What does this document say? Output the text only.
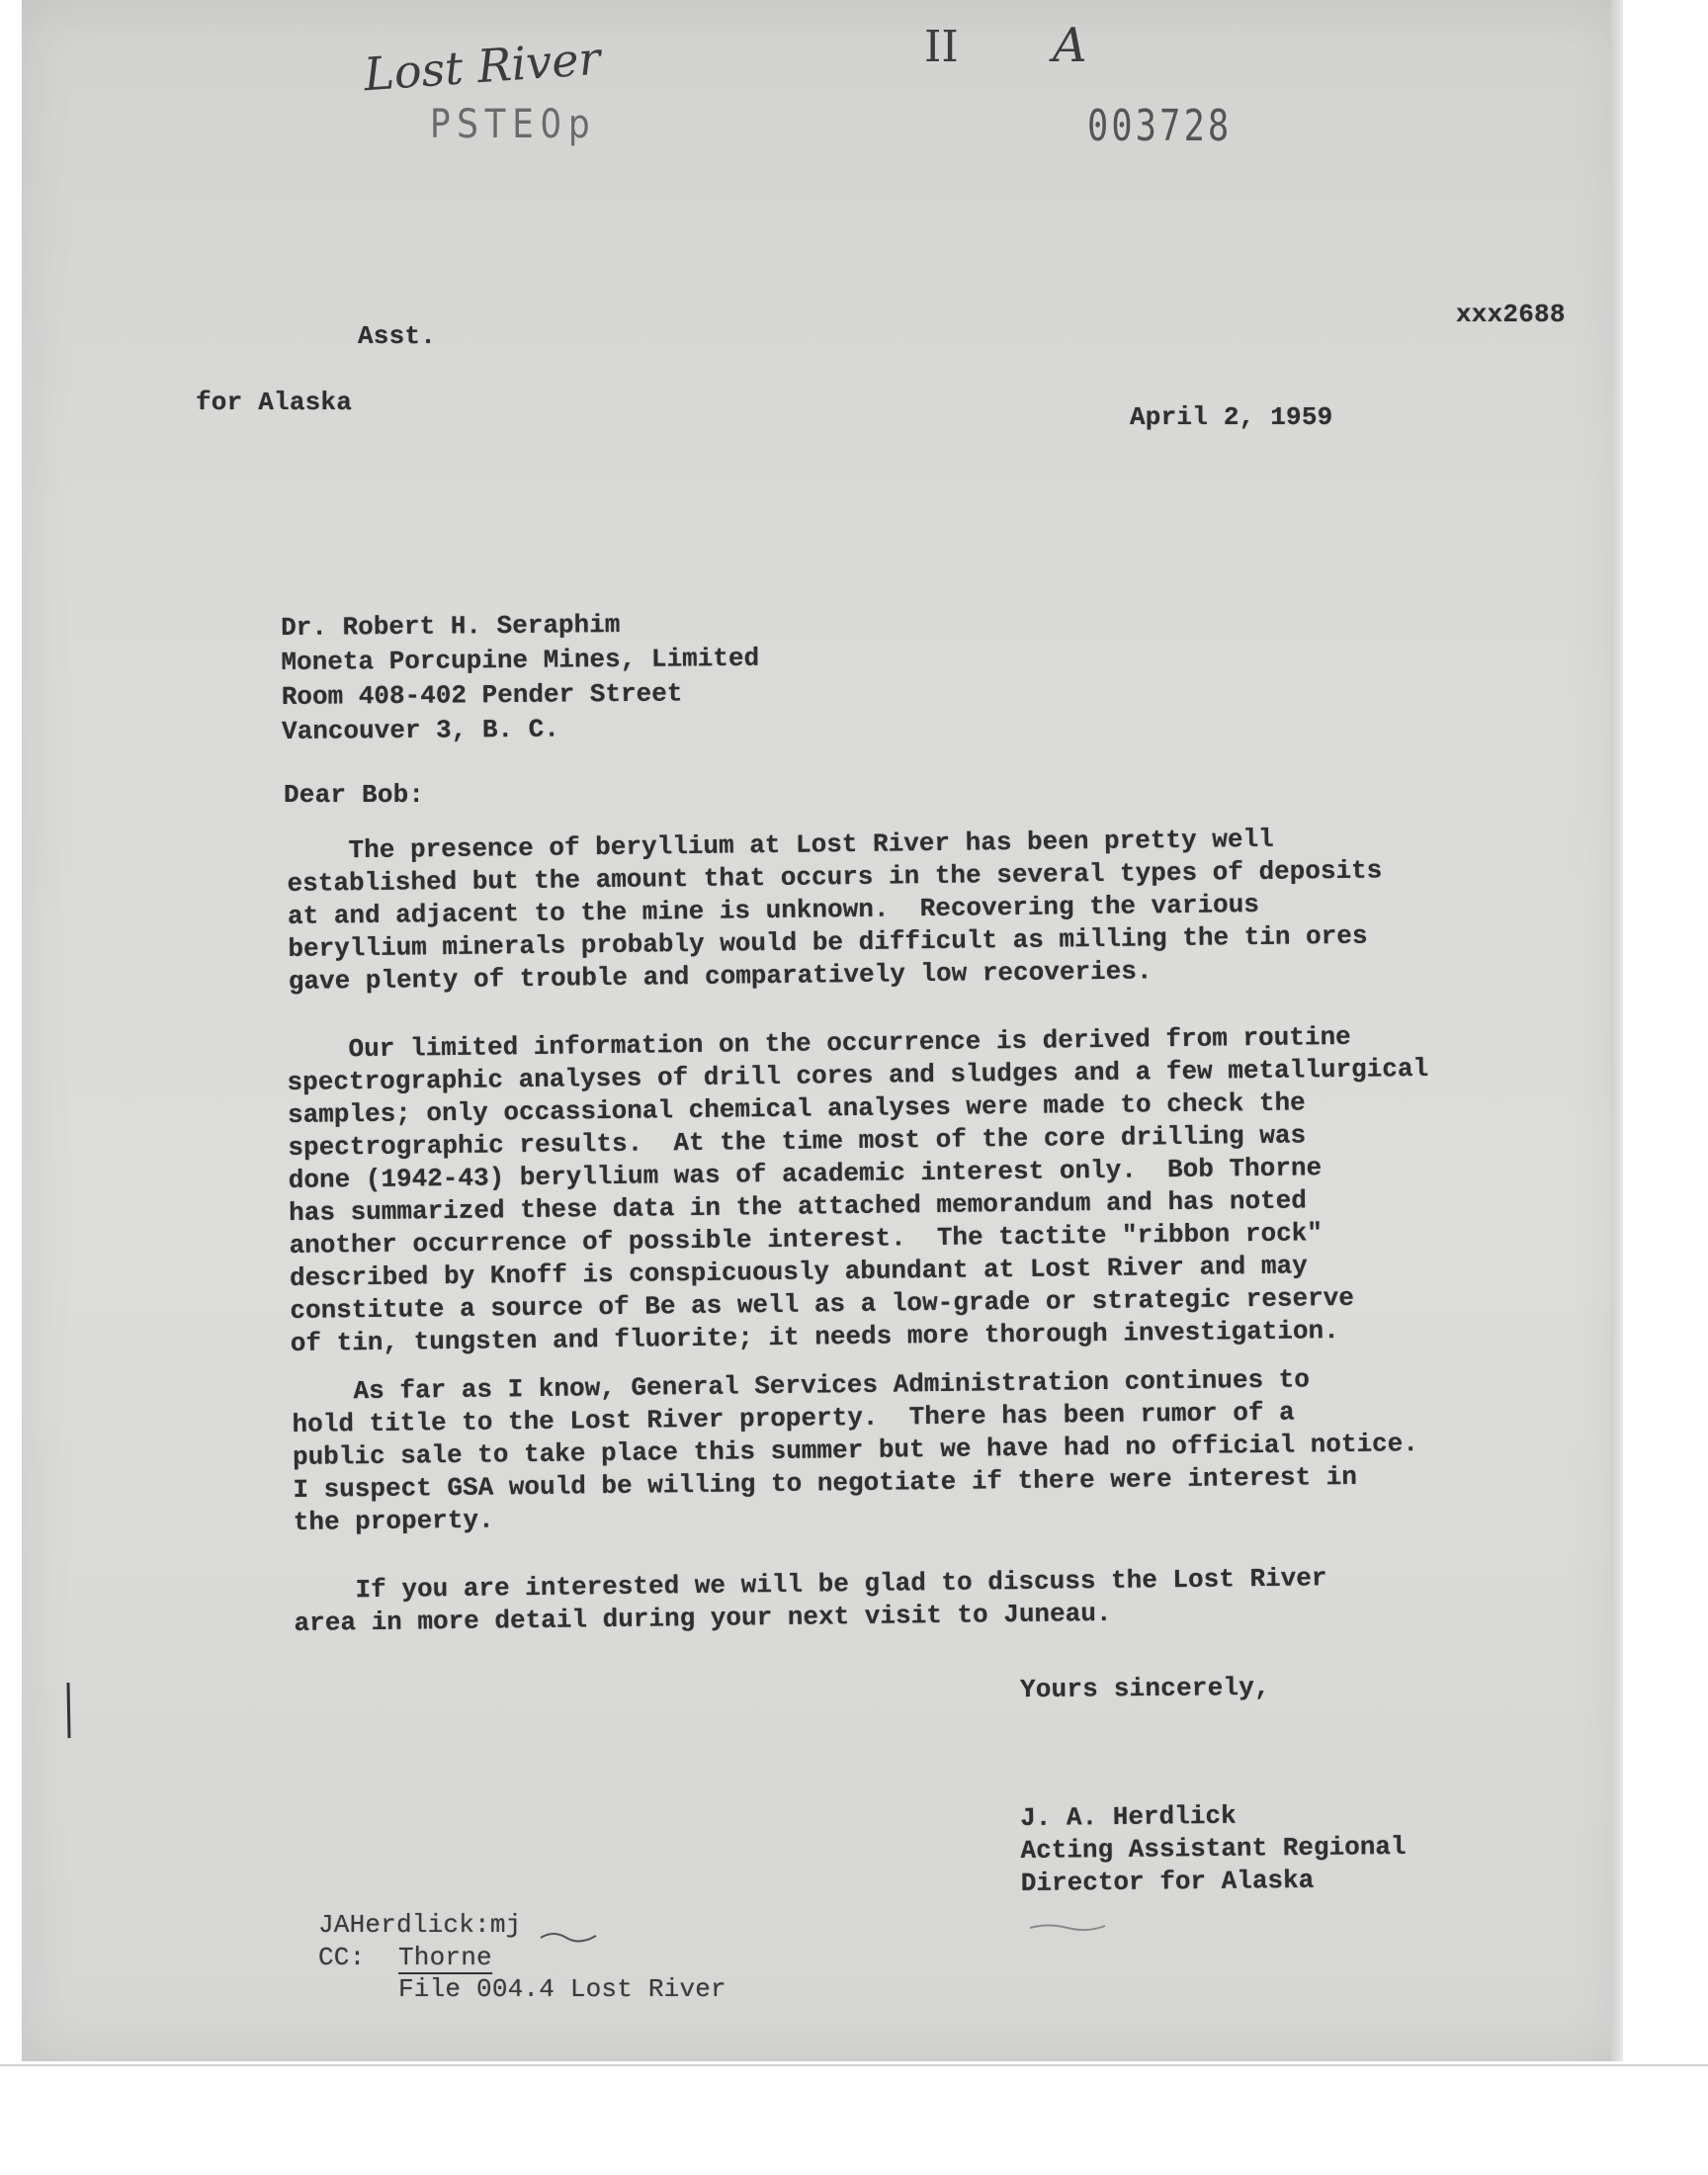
Lost River	II A
PSTE0p	003728
xxx2688
Asst.
for Alaska	April 2, 1959

Dr. Robert H. Seraphim

Moneta Porcupine Mines, Limited

Room 408-402 Pender Street

Vancouver 3, B. C.

Dear Bob:

The presence of beryllium at Lost River has been pretty well

established but the amount that occurs in the several types of deposits

at and adjacent to the mine is unknown.  Recovering the various

beryllium minerals probably would be difficult as milling the tin ores

gave plenty of trouble and comparatively low recoveries.

Our limited information on the occurrence is derived from routine

spectrographic analyses of drill cores and sludges and a few metallurgical

samples; only occassional chemical analyses were made to check the

spectrographic results.  At the time most of the core drilling was

done (1942-43) beryllium was of academic interest only.  Bob Thorne

has summarized these data in the attached memorandum and has noted

another occurrence of possible interest.  The tactite "ribbon rock"

described by Knoff is conspicuously abundant at Lost River and may

constitute a source of Be as well as a low-grade or strategic reserve

of tin, tungsten and fluorite; it needs more thorough investigation.

As far as I know, General Services Administration continues to

hold title to the Lost River property.  There has been rumor of a

public sale to take place this summer but we have had no official notice.

I suspect GSA would be willing to negotiate if there were interest in

the property.

If you are interested we will be glad to discuss the Lost River

area in more detail during your next visit to Juneau.

Yours sincerely,

J. A. Herdlick

Acting Assistant Regional

Director for Alaska

JAHerdlick:mj
CC: Thorne
File 004.4 Lost River
